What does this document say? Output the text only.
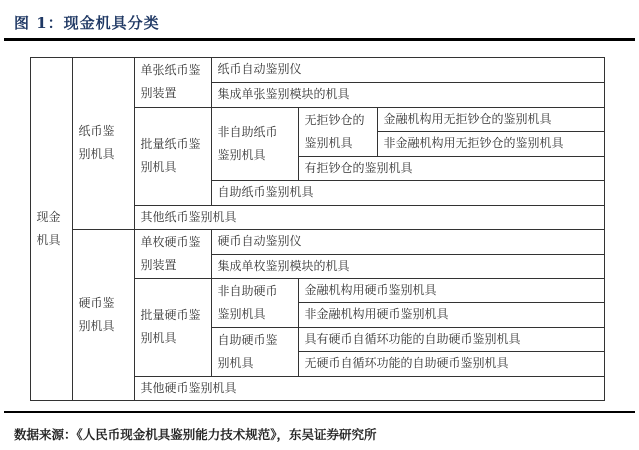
图 1：现金机具分类
现金机具
纸币鉴别机具
硬币鉴别机具
单张纸币鉴别装置
纸币自动鉴别仪
集成单张鉴别模块的机具
批量纸币鉴别机具
非自助纸币鉴别机具
无拒钞仓的鉴别机具
金融机构用无拒钞仓的鉴别机具
非金融机构用无拒钞仓的鉴别机具
有拒钞仓的鉴别机具
自助纸币鉴别机具
其他纸币鉴别机具
单枚硬币鉴别装置
硬币自动鉴别仪
集成单枚鉴别模块的机具
批量硬币鉴别机具
非自助硬币鉴别机具
金融机构用硬币鉴别机具
非金融机构用硬币鉴别机具
自助硬币鉴别机具
具有硬币自循环功能的自助硬币鉴别机具
无硬币自循环功能的自助硬币鉴别机具
其他硬币鉴别机具
数据来源：《人民币现金机具鉴别能力技术规范》，东吴证券研究所
